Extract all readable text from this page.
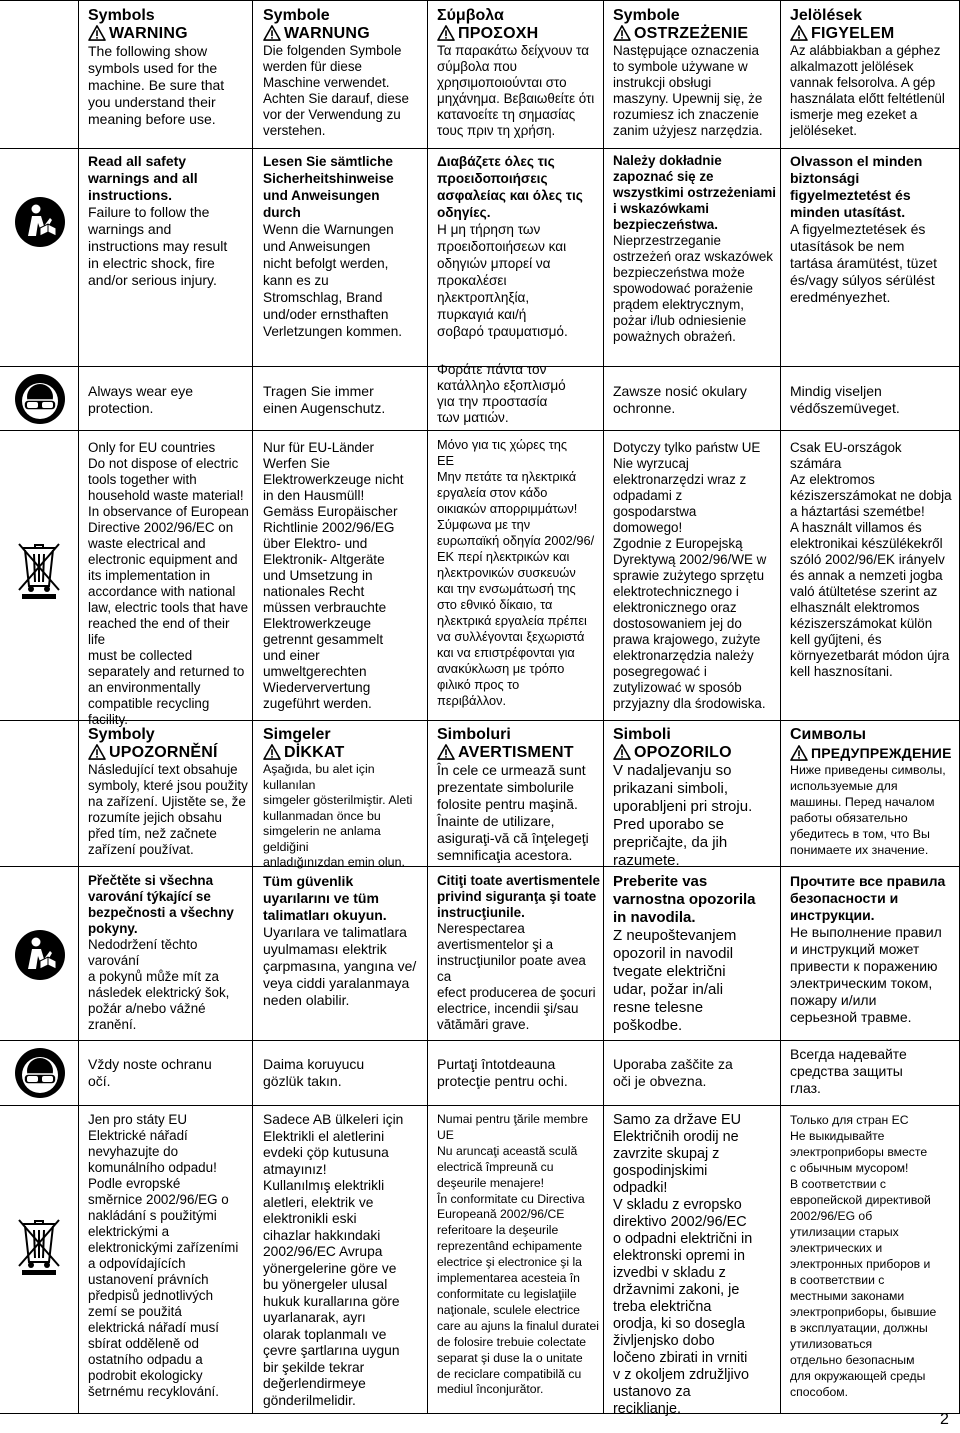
Symbols
WARNING
The following show
symbols used for the
machine. Be sure that
you understand their
meaning before use.
Read all safety
warnings and all
instructions.
Failure to follow the
warnings and
instructions may result
in electric shock, fire
and/or serious injury.
Always wear eye
protection.
Only for EU countries
Do not dispose of electric
tools together with
household waste material!
In observance of European
Directive 2002/96/EC on
waste electrical and
electronic equipment and
its implementation in
accordance with national
law, electric tools that have
reached the end of their life
must be collected
separately and returned to
an environmentally
compatible recycling
facility.
Symbole
WARNUNG
Die folgenden Symbole
werden für diese
Maschine verwendet.
Achten Sie darauf, diese
vor der Verwendung zu
verstehen.
Lesen Sie sämtliche
Sicherheitshinweise
und Anweisungen
durch
Wenn die Warnungen
und Anweisungen
nicht befolgt werden,
kann es zu
Stromschlag, Brand
und/oder ernsthaften
Verletzungen kommen.
Tragen Sie immer
einen Augenschutz.
Nur für EU-Länder
Werfen Sie
Elektrowerkzeuge nicht
in den Hausmüll!
Gemäss Europäischer
Richtlinie 2002/96/EG
über Elektro- und
Elektronik- Altgeräte
und Umsetzung in
nationales Recht
müssen verbrauchte
Elektrowerkzeuge
getrennt gesammelt
und einer
umweltgerechten
Wiederververtung
zugeführt werden.
Σύμβολα
ΠΡΟΣΟΧΗ
Τα παρακάτω δείχνουν τα
σύμβολα που
χρησιμοποιούνται στο
μηχάνημα. Βεβαιωθείτε ότι
κατανοείτε τη σημασίας
τους πριν τη χρήση.
Διαβάζετε όλες τις
προειδοποιήσεις
ασφαλείας και όλες τις
οδηγίες.
Η μη τήρηση των
προειδοποιήσεων και
οδηγιών μπορεί να
προκαλέσει
ηλεκτροπληξία,
πυρκαγιά και/ή
σοβαρό τραυματισμό.
Φοράτε πάντα τον
κατάλληλο εξοπλισμό
για την προστασία
των ματιών.
Μόνο για τις χώρες της
ΕΕ
Μην πετάτε τα ηλεκτρικά
εργαλεία στον κάδο
οικιακών απορριμμάτων!
Σύμφωνα με την
ευρωπαϊκή οδηγία 2002/96/
ΕΚ περί ηλεκτρικών και
ηλεκτρονικών συσκευών
και την ενσωμάτωσή της
στο εθνικό δίκαιο, τα
ηλεκτρικά εργαλεία πρέπει
να συλλέγονται ξεχωριστά
και να επιστρέφονται για
ανακύκλωση με τρόπο
φιλικό προς το
περιβάλλον.
Symbole
OSTRZEŻENIE
Następujące oznaczenia
to symbole używane w
instrukcji obsługi
maszyny. Upewnij się, że
rozumiesz ich znaczenie
zanim użyjesz narzędzia.
Należy dokładnie
zapoznać się ze
wszystkimi ostrzeżeniami
i wskazówkami
bezpieczeństwa.
Nieprzestrzeganie
ostrzeżeń oraz wskazówek
bezpieczeństwa może
spowodować porażenie
prądem elektrycznym,
pożar i/lub odniesienie
poważnych obrażeń.
Zawsze nosić okulary
ochronne.
Dotyczy tylko państw UE
Nie wyrzucaj
elektronarzędzi wraz z
odpadami z
gospodarstwa
domowego!
Zgodnie z Europejską
Dyrektywą 2002/96/WE w
sprawie zużytego sprzętu
elektrotechnicznego i
elektronicznego oraz
dostosowaniem jej do
prawa krajowego, zużyte
elektronarzędzia należy
posegregować i
zutylizować w sposób
przyjazny dla środowiska.
Jelölések
FIGYELEM
Az alábbiakban a géphez
alkalmazott jelölések
vannak felsorolva. A gép
használata előtt feltétlenül
ismerje meg ezeket a
jelöléseket.
Olvasson el minden
biztonsági
figyelmeztetést és
minden utasítást.
A figyelmeztetések és
utasítások be nem
tartása áramütést, tüzet
és/vagy súlyos sérülést
eredményezhet.
Mindig viseljen
védőszemüveget.
Csak EU-országok
számára
Az elektromos
kéziszerszámokat ne dobja
a háztartási szemétbe!
A használt villamos és
elektronikai készülékekről
szóló 2002/96/EK irányelv
és annak a nemzeti jogba
való átültetése szerint az
elhasznált elektromos
kéziszerszámokat külön
kell gyűjteni, és
környezetbarát módon újra
kell hasznosítani.
Symboly
UPOZORNĚNÍ
Následující text obsahuje
symboly, které jsou použity
na zařízení. Ujistěte se, že
rozumíte jejich obsahu
před tím, než začnete
zařízení používat.
Přečtěte si všechna
varování týkající se
bezpečnosti a všechny
pokyny.
Nedodržení těchto varování
a pokynů může mít za
následek elektrický šok,
požár a/nebo vážné
zranění.
Vždy noste ochranu
očí.
Jen pro státy EU
Elektrické nářadí
nevyhazujte do
komunálního odpadu!
Podle evropské
směrnice 2002/96/EG o
nakládání s použitými
elektrickými a
elektronickými zařízeními
a odpovídajících
ustanovení právních
předpisů jednotlivých
zemí se použitá
elektrická nářadí musí
sbírat odděleně od
ostatního odpadu a
podrobit ekologicky
šetrnému recyklování.
Simgeler
DİKKAT
Aşağıda, bu alet için kullanılan
simgeler gösterilmiştir. Aleti
kullanmadan önce bu
simgelerin ne anlama geldiğini
anladığınızdan emin olun.
Tüm güvenlik
uyarılarını ve tüm
talimatları okuyun.
Uyarılara ve talimatlara
uyulmaması elektrik
çarpmasına, yangına ve/
veya ciddi yaralanmaya
neden olabilir.
Daima koruyucu
gözlük takın.
Sadece AB ülkeleri için
Elektrikli el aletlerini
evdeki çöp kutusuna
atmayınız!
Kullanılmış elektrikli
aletleri, elektrik ve
elektronikli eski
cihazlar hakkındaki
2002/96/EC Avrupa
yönergelerine göre ve
bu yönergeler ulusal
hukuk kurallarına göre
uyarlanarak, ayrı
olarak toplanmalı ve
çevre şartlarına uygun
bir şekilde tekrar
değerlendirmeye
gönderilmelidir.
Simboluri
AVERTISMENT
În cele ce urmează sunt
prezentate simbolurile
folosite pentru maşină.
Înainte de utilizare,
asiguraţi-vă că înţelegeţi
semnificaţia acestora.
Citiţi toate avertismentele
privind siguranţa şi toate
instrucţiunile.
Nerespectarea
avertismentelor şi a
instrucţiunilor poate avea ca
efect producerea de şocuri
electrice, incendii şi/sau
vătămări grave.
Purtaţi întotdeauna
protecţie pentru ochi.
Numai pentru ţările membre
UE
Nu aruncaţi această sculă
electrică împreună cu
deşeurile menajere!
În conformitate cu Directiva
Europeană 2002/96/CE
referitoare la deşeurile
reprezentând echipamente
electrice şi electronice şi la
implementarea acesteia în
conformitate cu legislaţiile
naţionale, sculele electrice
care au ajuns la finalul duratei
de folosire trebuie colectate
separat şi duse la o unitate
de reciclare compatibilă cu
mediul înconjurător.
Simboli
OPOZORILO
V nadaljevanju so
prikazani simboli,
uporabljeni pri stroju.
Pred uporabo se
prepričajte, da jih
razumete.
Preberite vas
varnostna opozorila
in navodila.
Z neupoštevanjem
opozoril in navodil
tvegate električni
udar, požar in/ali
resne telesne
poškodbe.
Uporaba zaščite za
oči je obvezna.
Samo za države EU
Električnih orodij ne
zavrzite skupaj z
gospodinjskimi
odpadki!
V skladu z evropsko
direktivo 2002/96/EC
o odpadni električni in
elektronski opremi in
izvedbi v skladu z
državnimi zakoni, je
treba električna
orodja, ki so dosegla
življenjsko dobo
ločeno zbirati in vrniti
v z okoljem združljivo
ustanovo za
reciklianje.
Символы
ПРЕДУПРЕЖДЕНИЕ
Ниже приведены символы,
используемые для
машины. Перед началом
работы обязательно
убедитесь в том, что Вы
понимаете их значение.
Прочтите все правила
безопасности и
инструкции.
Не выполнение правил
и инструкций может
привести к поражению
электрическим током,
пожару и/или
серьезной травме.
Всегда надевайте
средства защиты
глаз.
Только для стран ЕС
Не выкидывайте
электроприборы вместе
с обычным мусором!
В соответствии с
европейской директивой
2002/96/EG об
утилизации старых
электрических и
электронных приборов и
в соответствии с
местными законами
электроприборы, бывшие
в эксплуатации, должны
утилизоваться
отдельно безопасным
для окружающей среды
способом.
2
